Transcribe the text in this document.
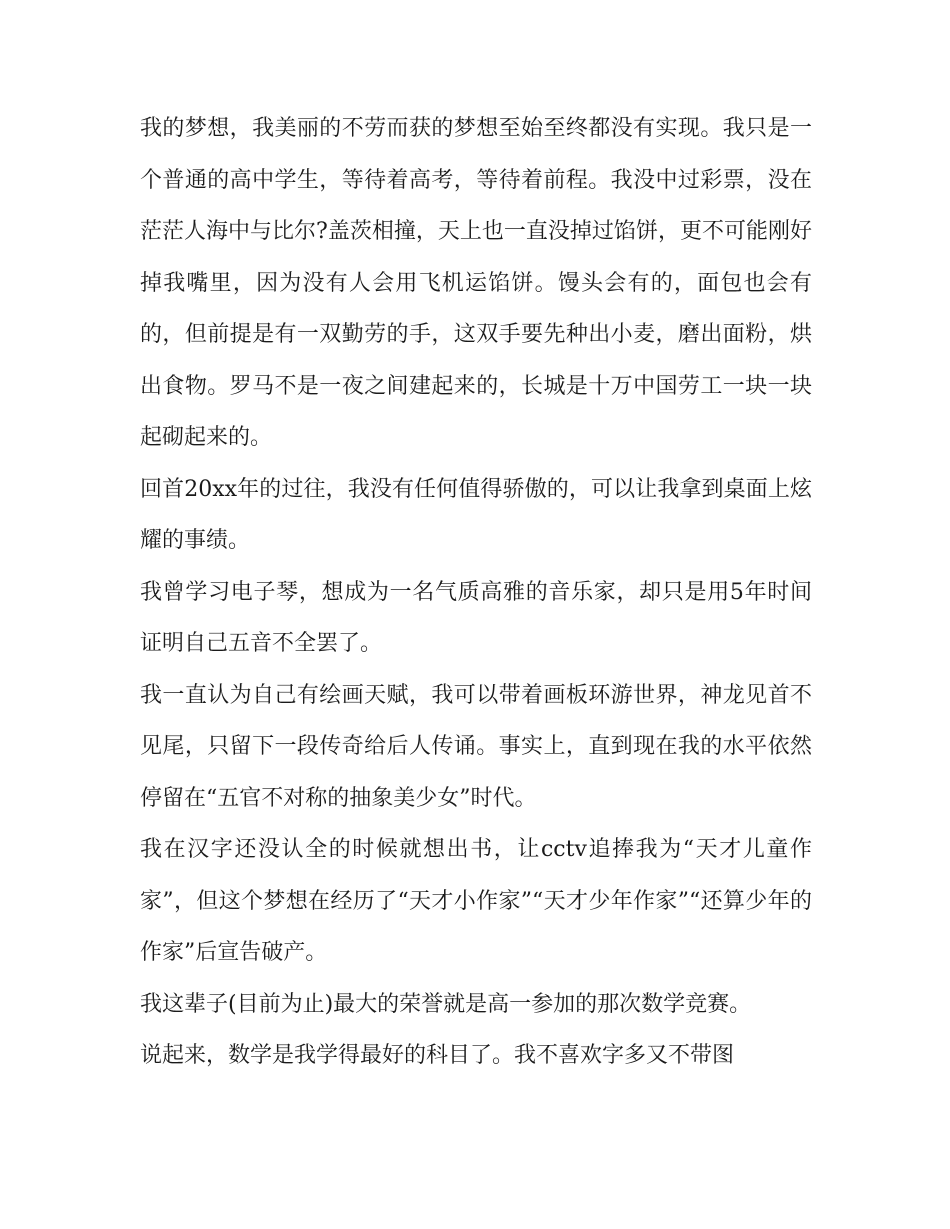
我的梦想，我美丽的不劳而获的梦想至始至终都没有实现。我只是一个普通的高中学生，等待着高考，等待着前程。我没中过彩票，没在茫茫人海中与比尔?盖茨相撞，天上也一直没掉过馅饼，更不可能刚好掉我嘴里，因为没有人会用飞机运馅饼。馒头会有的，面包也会有的，但前提是有一双勤劳的手，这双手要先种出小麦，磨出面粉，烘出食物。罗马不是一夜之间建起来的，长城是十万中国劳工一块一块起砌起来的。

回首20xx年的过往，我没有任何值得骄傲的，可以让我拿到桌面上炫耀的事绩。

我曾学习电子琴，想成为一名气质高雅的音乐家，却只是用5年时间证明自己五音不全罢了。

我一直认为自己有绘画天赋，我可以带着画板环游世界，神龙见首不见尾，只留下一段传奇给后人传诵。事实上，直到现在我的水平依然停留在“五官不对称的抽象美少女”时代。

我在汉字还没认全的时候就想出书，让cctv追捧我为“天才儿童作家”，但这个梦想在经历了“天才小作家”“天才少年作家”“还算少年的作家”后宣告破产。

我这辈子(目前为止)最大的荣誉就是高一参加的那次数学竞赛。

说起来，数学是我学得最好的科目了。我不喜欢字多又不带图
